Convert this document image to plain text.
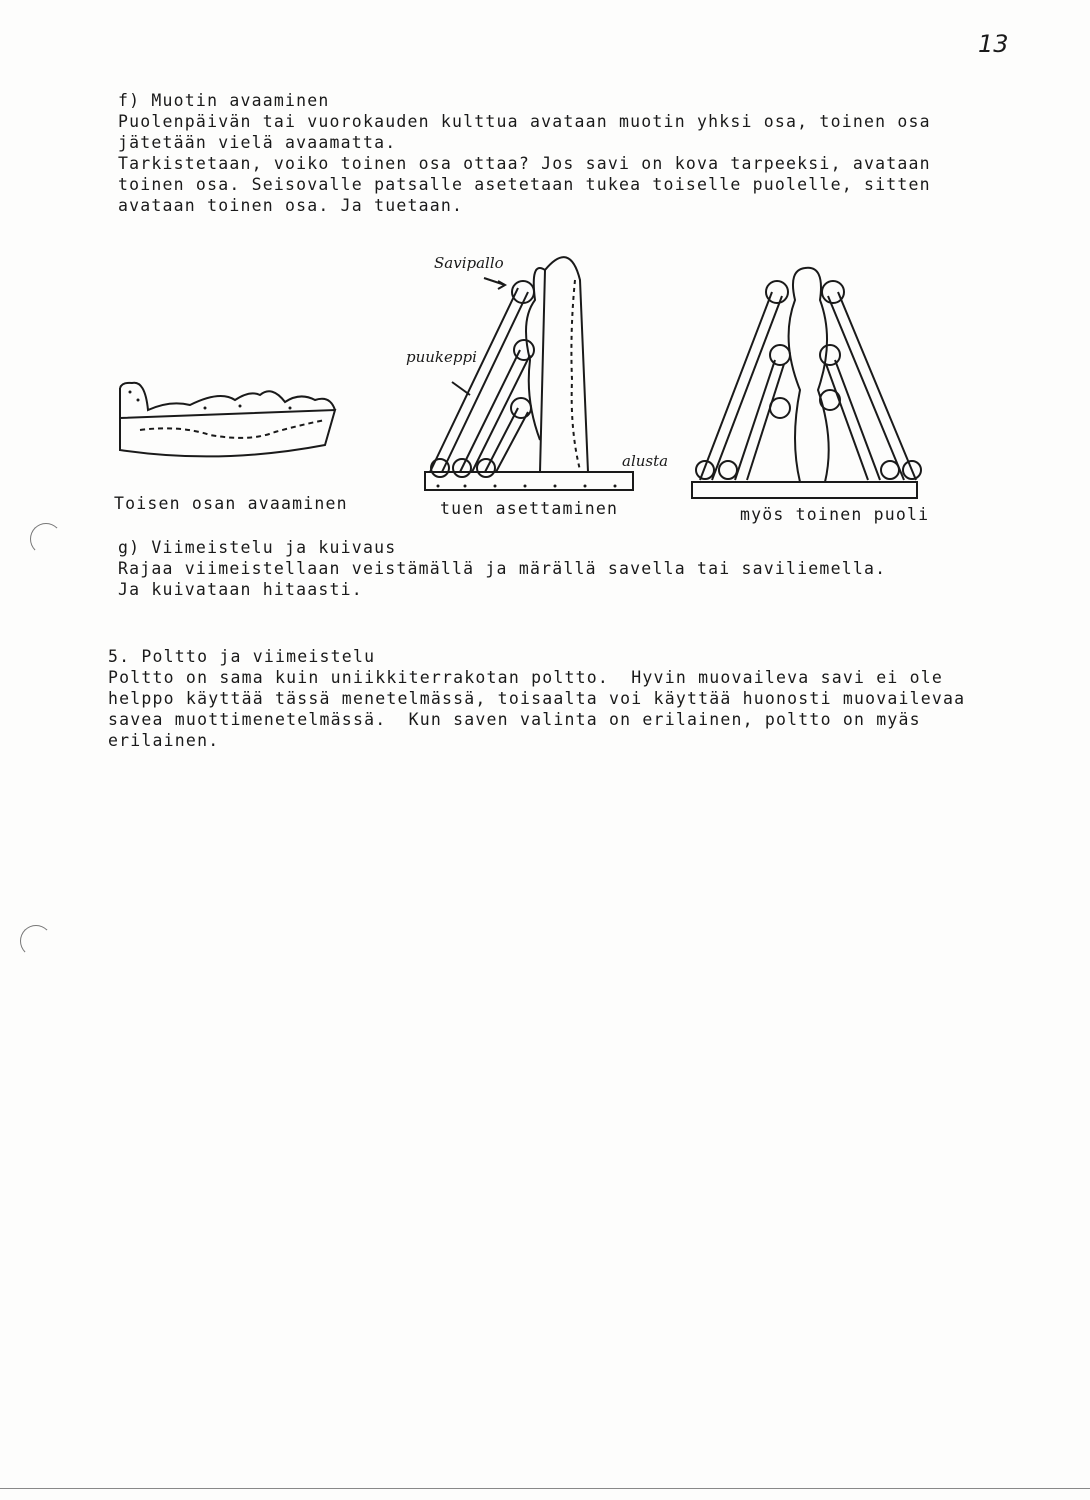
13
f) Muotin avaaminen

Puolenpäivän tai vuorokauden kulttua avataan muotin yhksi osa, toinen osa jätetään vielä avaamatta.
Tarkistetaan, voiko toinen osa ottaa? Jos savi on kova tarpeeksi, avataan toinen osa. Seisovalle patsalle asetetaan tukea toiselle puolelle, sitten avataan toinen osa. Ja tuetaan.

Savipallo
puukeppi
alusta
Toisen osan avaaminen	tuen asettaminen	myös toinen puoli
g) Viimeistelu ja kuivaus

Rajaa viimeistellaan veistämällä ja märällä savella tai saviliemella.
Ja kuivataan hitaasti.

5. Poltto ja viimeistelu

Poltto on sama kuin uniikkiterrakotan poltto.  Hyvin muovaileva savi ei ole helppo käyttää tässä menetelmässä, toisaalta voi käyttää huonosti muovailevaa savea muottimenetelmässä.  Kun saven valinta on erilainen, poltto on myäs erilainen.
